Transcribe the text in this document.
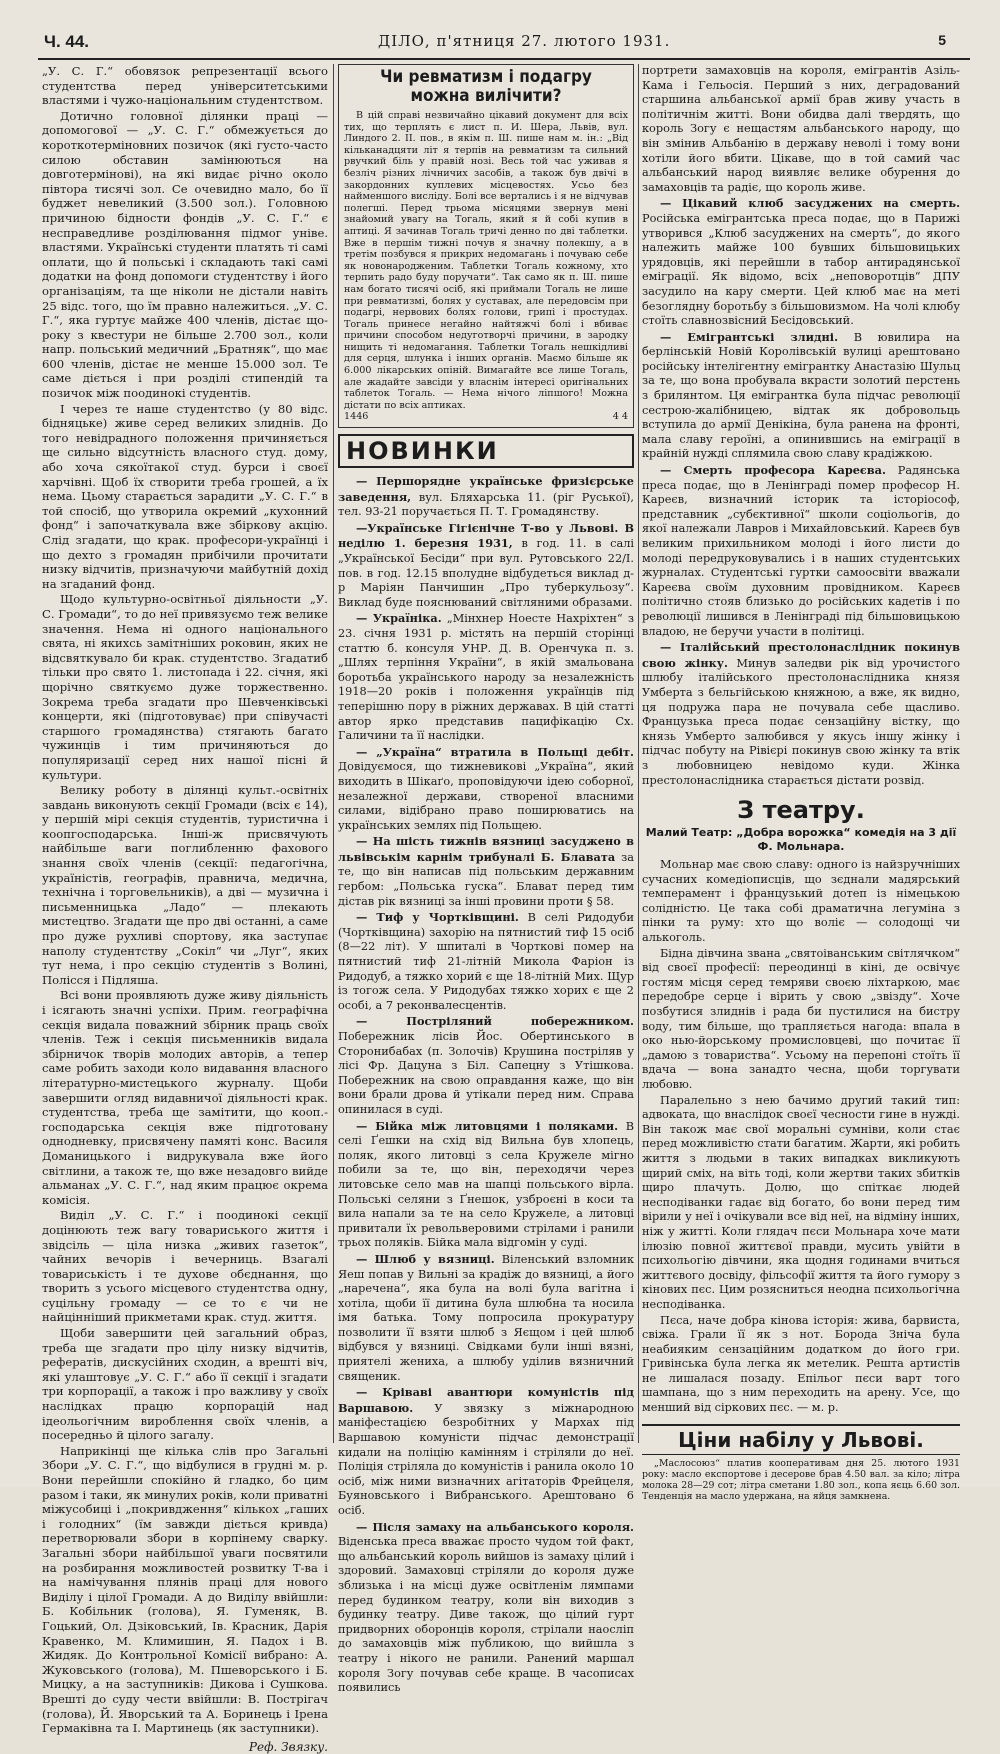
Ч. 44.	ДІЛО, п'ятниця 27. лютого 1931.	5

„У. С. Г.“ обовязок репрезентації всього студентства перед університетськими властями і чужо-національним студентством.

Дотично головної ділянки праці — допомогової — „У. С. Г.“ обмежується до короткотерміновних позичок (які густо-часто силою обставин замінюються на довготермінові), на які видає річно около півтора тисячі зол. Се очевидно мало, бо її буджет невеликий (3.500 зол.). Головною причиною бідности фондів „У. С. Г.“ є несправедливе розділювання підмог уніве. властями. Українські студенти платять ті самі оплати, що й польські і складають такі самі додатки на фонд допомоги студентству і його організаціям, та ще ніколи не дістали навіть 25 відс. того, що їм правно належиться. „У. С. Г.“, яка гуртує майже 400 членів, дістає що-року з квестури не більше 2.700 зол., коли напр. польський медичний „Братняк“, що має 600 членів, дістає не менше 15.000 зол. Те саме діється і при розділі стипендій та позичок між поодинокі студентів.

І через те наше студентство (у 80 відс. бідняцьке) живе серед великих злиднів. До того невідрадного положення причиняється ще сильно відсутність власного студ. дому, або хоча сякоїтакої студ. бурси і своєї харчівні. Щоб їх створити треба грошей, а їх нема. Цьому старається зарадити „У. С. Г.“ в той спосіб, що утворила окремий „кухонний фонд“ і започаткувала вже збіркову акцію. Слід згадати, що крак. професори-українці і що дехто з громадян прибічили прочитати низку відчитів, призначуючи майбутній дохід на згаданий фонд.

Щодо культурно-освітньої діяльности „У. С. Громади“, то до неї привязуємо теж велике значення. Нема ні одного національного свята, ні якихсь замітніших роковин, яких не відсвяткувало би крак. студентство. Згадатиб тільки про свято 1. листопада і 22. січня, які щорічно святкуємо дуже торжественно. Зокрема треба згадати про Шевченківські концерти, які (підготовуває) при співучасті старшого громадянства) стягають багато чужинців і тим причиняються до популяризації серед них нашої пісні й культури.

Велику роботу в ділянці культ.-освітніх завдань виконують секції Громади (всіх є 14), у першій мірі секція студентів, туристична і коопгосподарська. Інші-ж присвячують найбільше ваги поглибленню фахового знання своїх членів (секції: педагогічна, україністів, географів, правнича, медична, технічна і торговельників), а дві — музична і письменницька „Ладо“ — плекають мистецтво. Згадати ще про дві останні, а саме про дуже рухливі спортову, яка заступає наполу студентству „Сокіл“ чи „Луг“, яких тут нема, і про секцію студентів з Волині, Полісся і Підляша.

Всі вони проявляють дуже живу діяльність і ісягають значні успіхи. Прим. географічна секція видала поважний збірник праць своїх членів. Теж і секція письменників видала збірничок творів молодих авторів, а тепер саме робить заходи коло видавання власного літературно-мистецького журналу. Щоби завершити огляд видавничої діяльності крак. студентства, треба ще замітити, що кооп.-господарська секція вже підготовану однодневку, присвячену памяті конс. Василя Доманицького і видрукувала вже його світлини, а також те, що вже незадовго вийде альманах „У. С. Г.“, над яким працює окрема комісія.

Виділ „У. С. Г.“ і поодинокі секції доцінюють теж вагу товариського життя і звідсіль — ціла низка „живих газеток“, чайних вечорів і вечерниць. Взагалі товариськість і те духове обєднання, що творить з усього місцевого студентства одну, суцільну громаду — се то є чи не найцінніший прикметами крак. студ. життя.

Щоби завершити цей загальний образ, треба ще згадати про цілу низку відчитів, рефератів, дискусійних сходин, а врешті віч, які улаштовує „У. С. Г.“ або її секції і згадати три корпорації, а також і про важливу у своїх наслідках працю корпорацій над ідеольогічним вироблення своїх членів, а посередньо й цілого загалу.

Наприкінці ще кілька слів про Загальні Збори „У. С. Г.“, що відбулися в грудні м. р. Вони перейшли спокійно й гладко, бо цим разом і таки, як минулих років, коли приватні міжусобиці і „покривдження“ кількох „гаших і голодних“ (їм завжди діється кривда) перетворювали збори в корпінему сварку. Загальні збори найбільшої уваги посвятили на розбирання можливостей розвитку Т-ва і на намічування плянів праці для нового Виділу і цілої Громади. А до Виділу ввійшли: Б. Кобільник (голова), Я. Гуменяк, В. Гоцький, Ол. Дзіковський, Ів. Красник, Дарія Кравенко, М. Климишин, Я. Падох і В. Жидяк. До Контрольної Комісії вибрано: А. Жуковського (голова), М. Пшеворського і Б. Мицку, а на заступників: Дикова і Сушкова. Врешті до суду чести ввійшли: В. Пострігач (голова), Й. Яворський та А. Боринець і Ірена Гермаківна та І. Мартинець (як заступники).

Реф. Звязку.
Чи ревматизм і подагру можна вилічити?

В цій справі незвичайно цікавий документ для всіх тих, що терплять є лист п. И. Шера, Львів, вул. Линдого 2. II. пов., в якім п. Ш. пише нам м. ін.: „Від кільканадцяти літ я терпів на ревматизм та сильний рвучкий біль у правій нозі. Весь той час уживав я безліч різних лічничих засобів, а також був двічі в закордонних куплевих місцевостях. Усьо без найменшого висліду. Болі все вертались і я не відчував полегші. Перед трьома місяцями звернув мені знайомий увагу на Тогаль, який я й собі купив в аптиці. Я зачинав Тогаль тричі денно по дві таблетки. Вже в першім тижні почув я значну полекшу, а в третім позбувся я прикрих недомагань і почуваю себе як новонародженим. Таблетки Тогаль кожному, хто терпить радо буду поручати“. Так само як п. Ш. пише нам богато тисячі осіб, які приймали Тогаль не лише при ревматизмі, болях у суставах, але передовсім при подагрі, нервових болях голови, грипі і простудах. Тогаль принесе негайно найтяжчі болі і вбиває причини способом недуготворчі причини, в зародку нищить ті недомагання. Таблетки Тогаль нешкідливі для серця, шлунка і інших органів. Маємо більше як 6.000 лікарських опіній. Вимагайте все лише Тогаль, але жадайте завсіди у власнім інтересі оригінальних таблеток Тогаль. — Нема нічого ліпшого! Можна дістати по всіх аптиках.

1446	4 4
НОВИНКИ

— Першорядне українське фризієрське заведення, вул. Бляхарська 11. (ріг Руської), тел. 93-21 поручається П. Т. Громадянству.

—Українське Гігієнічне Т-во у Львові. В неділю 1. березня 1931, в год. 11. в салі „Української Бесіди“ при вул. Рутовського 22/І. пов. в год. 12.15 вполудне відбудеться виклад д-р Маріян Панчишин „Про туберкульозу“. Виклад буде пояснюваний світляними образами.

— Україніка. „Мінхнер Ноесте Нахріхтен“ з 23. січня 1931 р. містять на першій сторінці статтю б. консуля УНР. Д. В. Оренчука п. з. „Шлях терпіння України“, в якій змальована боротьба українського народу за незалежність 1918—20 років і положення українців під теперішню пору в ріжних державах. В цій статті автор ярко представив пацифікацію Сх. Галичини та її наслідки.

— „Україна“ втратила в Польщі дебіт. Довідуємося, що тижневикові „Україна“, який виходить в Шікаґо, проповідуючи ідею соборної, незалежної держави, створеної власними силами, відібрано право поширюватись на українських землях під Польщею.

— На шість тижнів вязниці засуджено в львівськім карнім трибуналі Б. Блавата за те, що він написав під польським державним гербом: „Польська гуска“. Блават перед тим дістав рік вязниці за інші провини проти § 58.

— Тиф у Чортківщині. В селі Ридодуби (Чортківщина) захорію на пятнистий тиф 15 осіб (8—22 літ). У шпиталі в Чорткові помер на пятнистий тиф 21-літній Микола Фаріон із Ридодуб, а тяжко хорий є ще 18-літній Мих. Щур із тогож села. У Ридодубах тяжко хорих є ще 2 особі, а 7 реконвалесцентів.

— Постріляний побережником. Побережник лісів Йос. Обертинського в Сторонибабах (п. Золочів) Крушина постріляв у лісі Фр. Дацуна з Біл. Сапецну з Утішкова. Побережник на свою оправдання каже, що він вони брали дрова й утікали перед ним. Справа опинилася в суді.

— Бійка між литовцями і поляками. В селі Ґешки на схід від Вильна був хлопець, поляк, якого литовці з села Кружеле мігно побили за те, що він, переходячи через литовське село мав на шапці польського вірла. Польські селяни з Ґнешок, узброєні в коси та вила напали за те на село Кружеле, а литовці привитали їх револьверовими стрілами і ранили трьох поляків. Бійка мала відгомін у суді.

— Шлюб у вязниці. Віленський взломник Яеш попав у Вильні за крадіж до вязниці, а його „наречена“, яка була на волі була вагітна і хотіла, щоби її дитина була шлюбна та носила імя батька. Тому попросила прокуратуру позволити її взяти шлюб з Яєщом і цей шлюб відбувся у вязниці. Свідками були інші вязні, приятелі жениха, а шлюбу уділив вязничний священик.

— Кріваві авантюри комуністів під Варшавою. У звязку з міжнародною маніфестацією безробітних у Мархах під Варшавою комуністи підчас демонстрації кидали на поліцію камінням і стріляли до неї. Поліція стріляла до комуністів і ранила около 10 осіб, між ними визначних агітаторів Фрейцеля, Буяновського і Вибранського. Арештовано 6 осіб.

— Після замаху на альбанського короля. Віденська преса вважає просто чудом той факт, що альбанський король вийшов із замаху цілий і здоровий. Замаховці стріляли до короля дуже зблизька і на місці дуже освітленім лямпами перед будинком театру, коли він виходив з будинку театру. Диве також, що цілий гурт придворних оборонців короля, стрілали наосліп до замаховців між публикою, що вийшла з театру і нікого не ранили. Ранений маршал короля Зогу почував себе краще. В часописах появились

портрети замаховців на короля, емігрантів Азіль-Кама і Гельосія. Перший з них, деградований старшина альбанської армії брав живу участь в політичнім житті. Вони обидва далі твердять, що король Зогу є нещастям альбанського народу, що він змінив Альбанію в державу неволі і тому вони хотіли його вбити. Цікаве, що в той самий час альбанський народ виявляє велике обурення до замаховців та радіє, що король живе.

— Цікавий клюб засуджених на смерть. Російська емігрантська преса подає, що в Парижі утворився „Клюб засуджених на смерть“, до якого належить майже 100 бувших більшовицьких урядовців, які перейшли в табор антирадянської еміграції. Як відомо, всіх „неповоротців“ ДПУ засудило на кару смерти. Цей клюб має на меті безоглядну боротьбу з більшовизмом. На чолі клюбу стоїть славнозвісний Бесідовський.

— Емігрантські злидні. В ювилира на берлінській Новій Королівській вулиці арештовано російську інтелігентну емігрантку Анастазію Шульц за те, що вона пробувала вкрасти золотий перстень з брилянтом. Ця емігрантка була підчас революції сестрою-жалібницею, відтак як добровольць вступила до армії Денікіна, була ранена на фронті, мала славу героїні, а опинившись на еміграції в крайній нужді сплямила свою славу крадіжкою.

— Смерть професора Кареєва. Радянська преса подає, що в Ленінграді помер професор Н. Кареєв, визначний історик та історіософ, представник „субєктивної“ школи соціольогів, до якої належали Лавров і Михайловський. Кареєв був великим прихильником молоді і його листи до молоді передруковувались і в наших студентських журналах. Студентські гуртки самоосвіти вважали Кареєва своїм духовним провідником. Кареєв політично стояв близько до російських кадетів і по революції лишився в Ленінграді під більшовицькою владою, не беручи участи в політиці.

— Італійський престолонаслідник покинув свою жінку. Минув заледви рік від урочистого шлюбу італійського престолонаслідника князя Умберта з бельгійською княжною, а вже, як видно, ця подружа пара не почувала себе щасливо. Французька преса подає сензаційну вістку, що князь Умберто залюбився у якусь іншу жінку і підчас побуту на Рівієрі покинув свою жінку та втік з любовницею невідомо куди. Жінка престолонаслідника старається дістати розвід.

З театру.
Малий Театр: „Добра ворожка“ комедія на 3 дії Ф. Мольнара.

Мольнар має свою славу: одного із найзручніших сучасних комедіописців, що зєднали мадярський темперамент і французький дотеп із німецькою солідністю. Це така собі драматична легуміна з пінки та руму: хто що воліє — солодощі чи алькоголь.

Бідна дівчина звана „святоіванським світлячком“ від своєї професії: переодинці в кіні, де освічує гостям місця серед темряви своєю ліхтаркою, має передобре серце і вірить у свою „звізду“. Хоче позбутися злиднів і рада би пустилися на бистру воду, тим більше, що трапляється нагода: впала в око нью-йорському промисловцеві, що почитає її „дамою з товариства“. Усьому на перепоні стоїть її вдача — вона занадто чесна, щоби торгувати любовю.

Паралельно з нею бачимо другий такий тип: адвоката, що внаслідок своєї чесности гине в нужді. Він також має свої моральні сумніви, коли стає перед можливістю стати багатим. Жарти, які робить життя з людьми в таких випадках викликують щирий сміх, на віть тоді, коли жертви таких збитків щиро плачуть. Долю, що спіткає людей несподіванки гадає від богато, бо вони перед тим вірили у неї і очікували все від неї, на відміну інших, ніж у житті. Коли глядач пєси Мольнара хоче мати ілюзію повної життєвої правди, мусить увійти в психольогію дівчини, яка щодня годинами вчиться життєвого досвіду, фільсофії життя та його гумору з кінових пєс. Цим розясниться неодна психольогічна несподіванка.

Пєса, наче добра кінова історія: жива, барвиста, свіжа. Грали її як з нот. Борода Зніча була неабияким сензаційним додатком до його гри. Гривінська була легка як метелик. Решта артистів не лишалася позаду. Епільог пєси варт того шампана, що з ним переходить на арену. Усе, що менший від сіркових пєс. — м. р.

Ціни набілу у Львові.

„Маслосоюз“ платив кооперативам дня 25. лютого 1931 року: масло експортове і десерове брав 4.50 вал. за кіло; літра молока 28—29 сот; літра сметани 1.80 зол., копа яєць 6.60 зол. Тенденція на масло удержана, на яйця замкнена.
